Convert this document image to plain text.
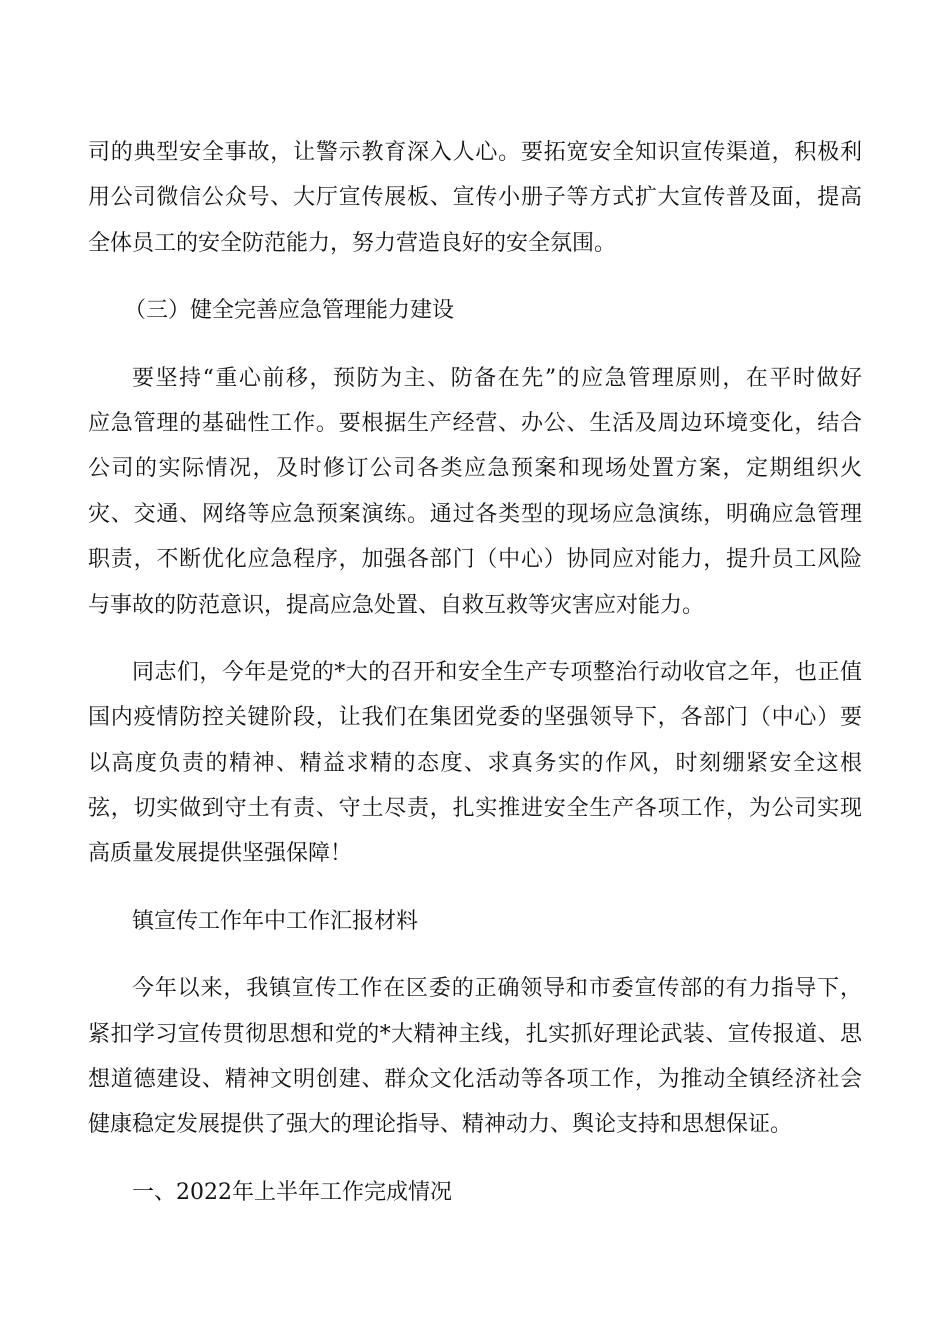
司的典型安全事故，让警示教育深入人心。要拓宽安全知识宣传渠道，积极利
用公司微信公众号、大厅宣传展板、宣传小册子等方式扩大宣传普及面，提高
全体员工的安全防范能力，努力营造良好的安全氛围。
（三）健全完善应急管理能力建设
要坚持“重心前移，预防为主、防备在先”的应急管理原则，在平时做好
应急管理的基础性工作。要根据生产经营、办公、生活及周边环境变化，结合
公司的实际情况，及时修订公司各类应急预案和现场处置方案，定期组织火
灾、交通、网络等应急预案演练。通过各类型的现场应急演练，明确应急管理
职责，不断优化应急程序，加强各部门（中心）协同应对能力，提升员工风险
与事故的防范意识，提高应急处置、自救互救等灾害应对能力。
同志们，今年是党的*大的召开和安全生产专项整治行动收官之年，也正值
国内疫情防控关键阶段，让我们在集团党委的坚强领导下，各部门（中心）要
以高度负责的精神、精益求精的态度、求真务实的作风，时刻绷紧安全这根
弦，切实做到守土有责、守土尽责，扎实推进安全生产各项工作，为公司实现
高质量发展提供坚强保障！
镇宣传工作年中工作汇报材料
今年以来，我镇宣传工作在区委的正确领导和市委宣传部的有力指导下，
紧扣学习宣传贯彻思想和党的*大精神主线，扎实抓好理论武装、宣传报道、思
想道德建设、精神文明创建、群众文化活动等各项工作，为推动全镇经济社会
健康稳定发展提供了强大的理论指导、精神动力、舆论支持和思想保证。
一、2022年上半年工作完成情况
